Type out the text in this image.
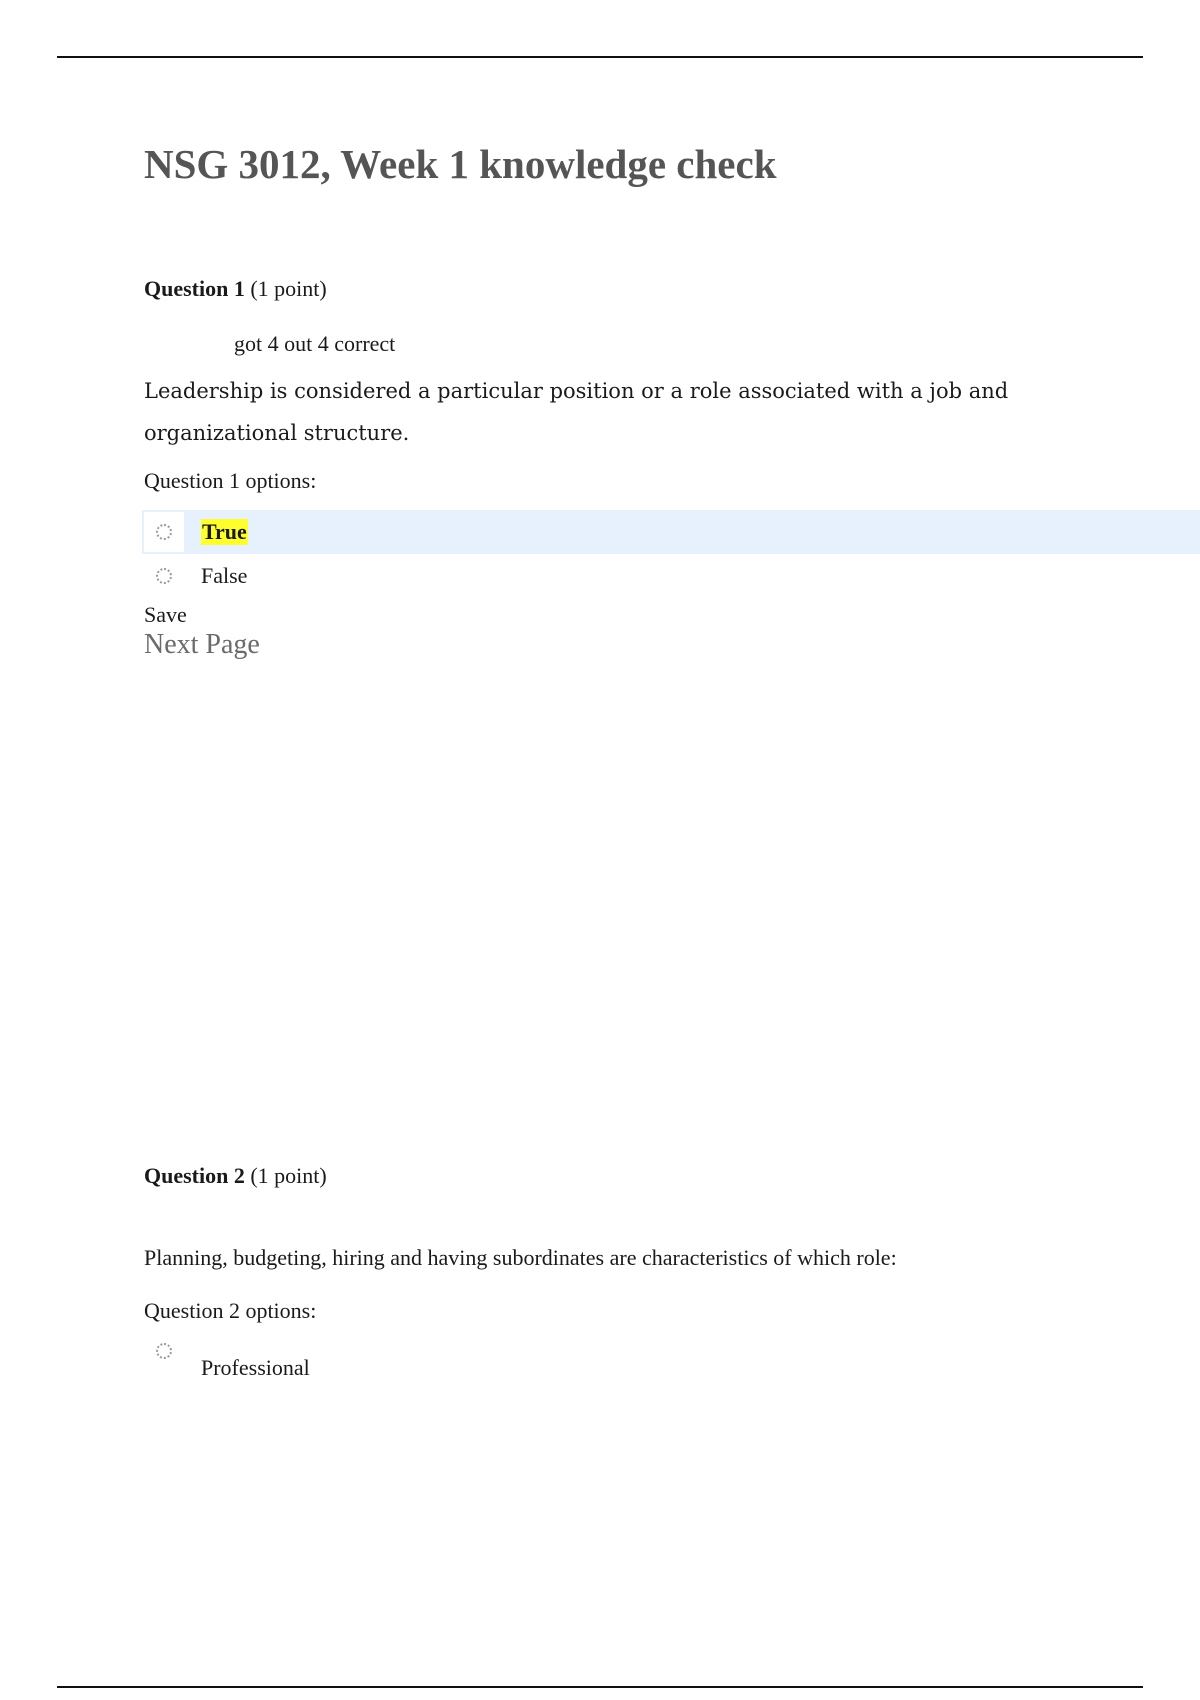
NSG 3012, Week 1 knowledge check
Question 1 (1 point)
got 4 out 4 correct
Leadership is considered a particular position or a role associated with a job and organizational structure.
Question 1 options:
True
False
Save
Next Page
Question 2 (1 point)
Planning, budgeting, hiring and having subordinates are characteristics of which role:
Question 2 options:
Professional
